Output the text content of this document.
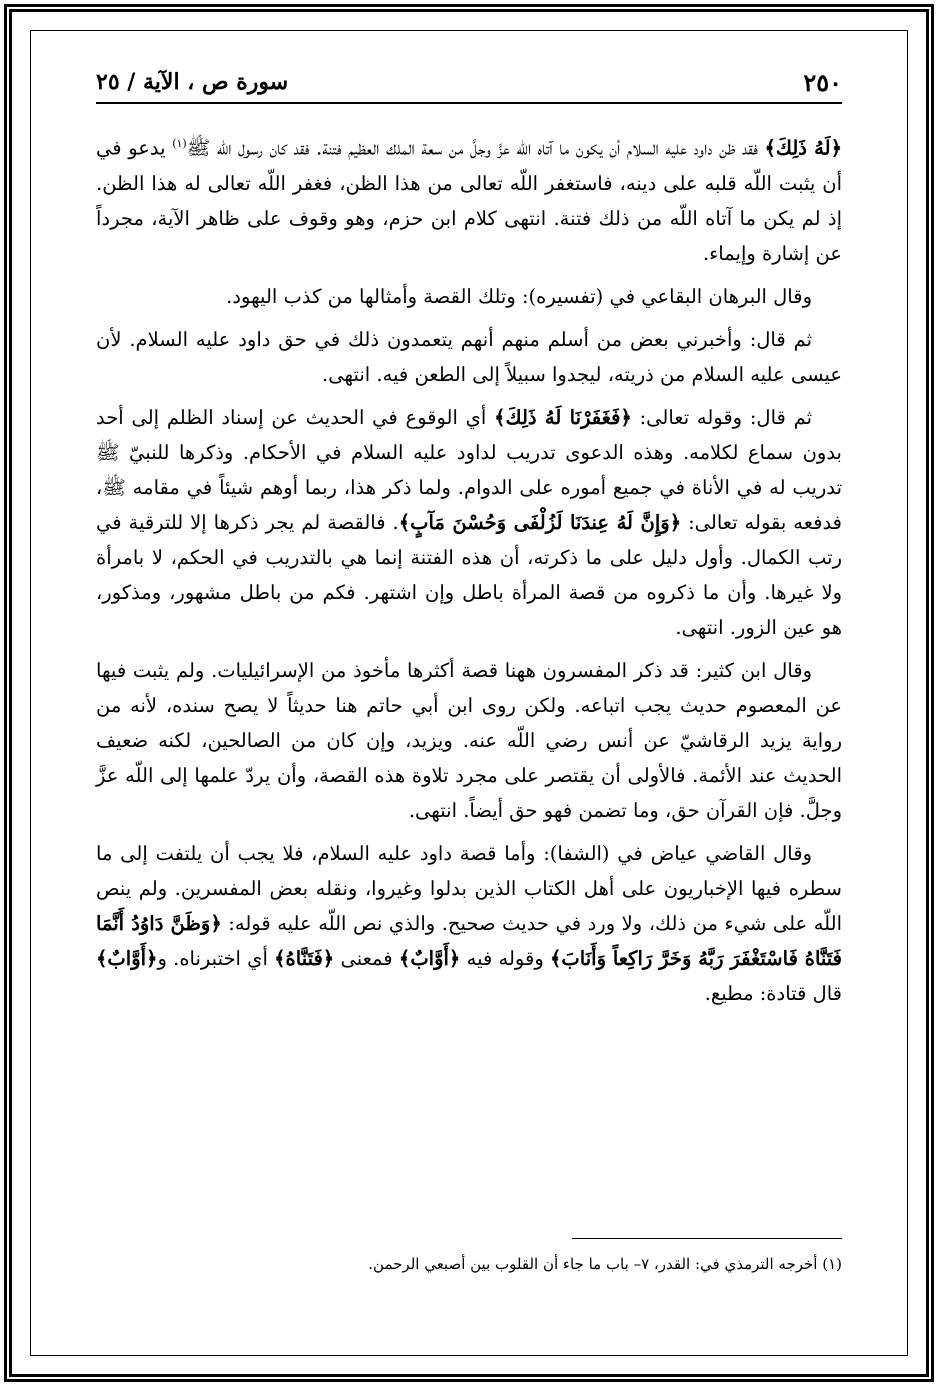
٢٥٠
سورة ص ، الآية / ٢٥

﴿لَهُ ذَلِكَ﴾ فقد ظن داود عليه السلام أن يكون ما آتاه اللّه عزَّ وجلَّ من سعة الملك العظيم فتنة. فقد كان رسول اللّه ﷺ$^{(١)}$ يدعو في أن يثبت اللّه قلبه على دينه، فاستغفر اللّه تعالى من هذا الظن، فغفر اللّه تعالى له هذا الظن. إذ لم يكن ما آتاه اللّه من ذلك فتنة. انتهى كلام ابن حزم، وهو وقوف على ظاهر الآية، مجرداً عن إشارة وإيماء.

وقال البرهان البقاعي في (تفسيره): وتلك القصة وأمثالها من كذب اليهود.

ثم قال: وأخبرني بعض من أسلم منهم أنهم يتعمدون ذلك في حق داود عليه السلام. لأن عيسى عليه السلام من ذريته، ليجدوا سبيلاً إلى الطعن فيه. انتهى.

ثم قال: وقوله تعالى: ﴿فَغَفَرْنَا لَهُ ذَلِكَ﴾ أي الوقوع في الحديث عن إسناد الظلم إلى أحد بدون سماع لكلامه. وهذه الدعوى تدريب لداود عليه السلام في الأحكام. وذكرها للنبيّ ﷺ تدريب له في الأناة في جميع أموره على الدوام. ولما ذكر هذا، ربما أوهم شيئاً في مقامه ﷺ، فدفعه بقوله تعالى: ﴿وَإِنَّ لَهُ عِندَنَا لَزُلْفَى وَحُسْنَ مَآبٍ﴾. فالقصة لم يجر ذكرها إلا للترقية في رتب الكمال. وأول دليل على ما ذكرته، أن هذه الفتنة إنما هي بالتدريب في الحكم، لا بامرأة ولا غيرها. وأن ما ذكروه من قصة المرأة باطل وإن اشتهر. فكم من باطل مشهور، ومذكور، هو عين الزور. انتهى.

وقال ابن كثير: قد ذكر المفسرون ههنا قصة أكثرها مأخوذ من الإسرائيليات. ولم يثبت فيها عن المعصوم حديث يجب اتباعه. ولكن روى ابن أبي حاتم هنا حديثاً لا يصح سنده، لأنه من رواية يزيد الرقاشيّ عن أنس رضي اللّه عنه. ويزيد، وإن كان من الصالحين، لكنه ضعيف الحديث عند الأئمة. فالأولى أن يقتصر على مجرد تلاوة هذه القصة، وأن يردّ علمها إلى اللّه عزَّ وجلَّ. فإن القرآن حق، وما تضمن فهو حق أيضاً. انتهى.

وقال القاضي عياض في (الشفا): وأما قصة داود عليه السلام، فلا يجب أن يلتفت إلى ما سطره فيها الإخباريون على أهل الكتاب الذين بدلوا وغيروا، ونقله بعض المفسرين. ولم ينص اللّه على شيء من ذلك، ولا ورد في حديث صحيح. والذي نص اللّه عليه قوله: ﴿وَظَنَّ دَاوُدُ أَنَّمَا فَتَنَّاهُ فَاسْتَغْفَرَ رَبَّهُ وَخَرَّ رَاكِعاً وَأَنَابَ﴾ وقوله فيه ﴿أَوَّابٌ﴾ فمعنى ﴿فَتَنَّاهُ﴾ أي اختبرناه. و﴿أَوَّابٌ﴾ قال قتادة: مطيع.

(١) أخرجه الترمذي في: القدر، ٧– باب ما جاء أن القلوب بين أصبعي الرحمن.
